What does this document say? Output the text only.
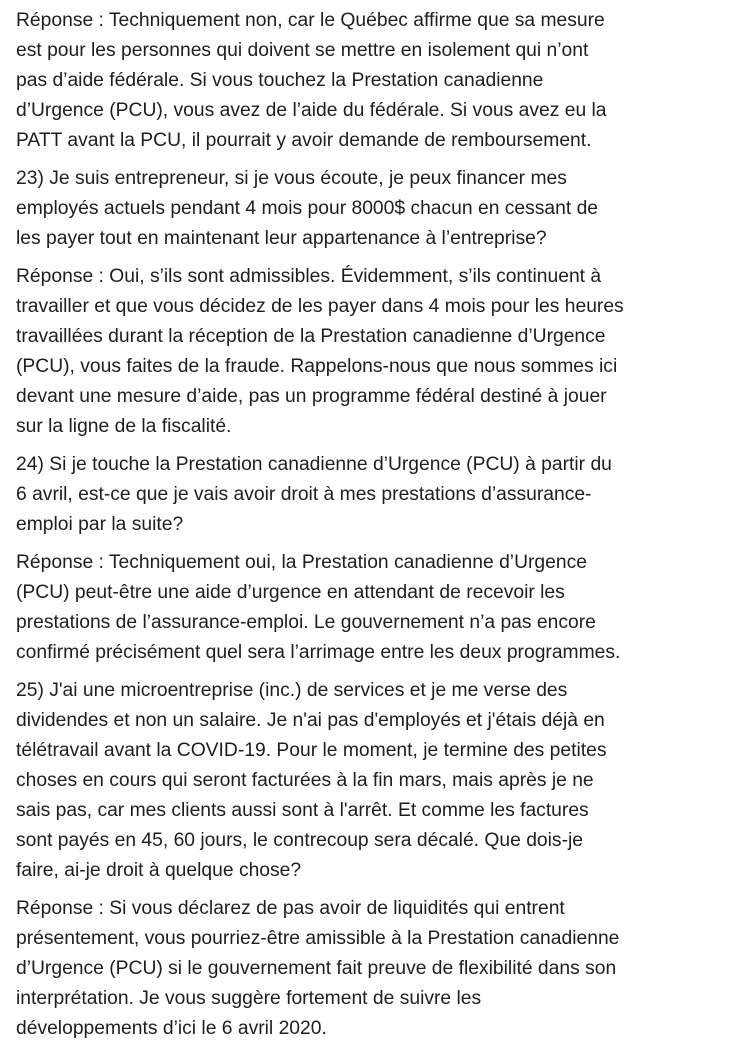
Réponse : Techniquement non, car le Québec affirme que sa mesure
est pour les personnes qui doivent se mettre en isolement qui n’ont
pas d’aide fédérale. Si vous touchez la Prestation canadienne
d’Urgence (PCU), vous avez de l’aide du fédérale. Si vous avez eu la
PATT avant la PCU, il pourrait y avoir demande de remboursement.

23) Je suis entrepreneur, si je vous écoute, je peux financer mes
employés actuels pendant 4 mois pour 8000$ chacun en cessant de
les payer tout en maintenant leur appartenance à l’entreprise?

Réponse : Oui, s’ils sont admissibles. Évidemment, s’ils continuent à
travailler et que vous décidez de les payer dans 4 mois pour les heures
travaillées durant la réception de la Prestation canadienne d’Urgence
(PCU), vous faites de la fraude. Rappelons-nous que nous sommes ici
devant une mesure d’aide, pas un programme fédéral destiné à jouer
sur la ligne de la fiscalité.

24) Si je touche la Prestation canadienne d’Urgence (PCU) à partir du
6 avril, est-ce que je vais avoir droit à mes prestations d’assurance-
emploi par la suite?

Réponse : Techniquement oui, la Prestation canadienne d’Urgence
(PCU) peut-être une aide d’urgence en attendant de recevoir les
prestations de l’assurance-emploi. Le gouvernement n’a pas encore
confirmé précisément quel sera l’arrimage entre les deux programmes.

25) J'ai une microentreprise (inc.) de services et je me verse des
dividendes et non un salaire. Je n'ai pas d'employés et j'étais déjà en
télétravail avant la COVID-19. Pour le moment, je termine des petites
choses en cours qui seront facturées à la fin mars, mais après je ne
sais pas, car mes clients aussi sont à l'arrêt. Et comme les factures
sont payés en 45, 60 jours, le contrecoup sera décalé. Que dois-je
faire, ai-je droit à quelque chose?

Réponse : Si vous déclarez de pas avoir de liquidités qui entrent
présentement, vous pourriez-être amissible à la Prestation canadienne
d’Urgence (PCU) si le gouvernement fait preuve de flexibilité dans son
interprétation. Je vous suggère fortement de suivre les
développements d’ici le 6 avril 2020.
